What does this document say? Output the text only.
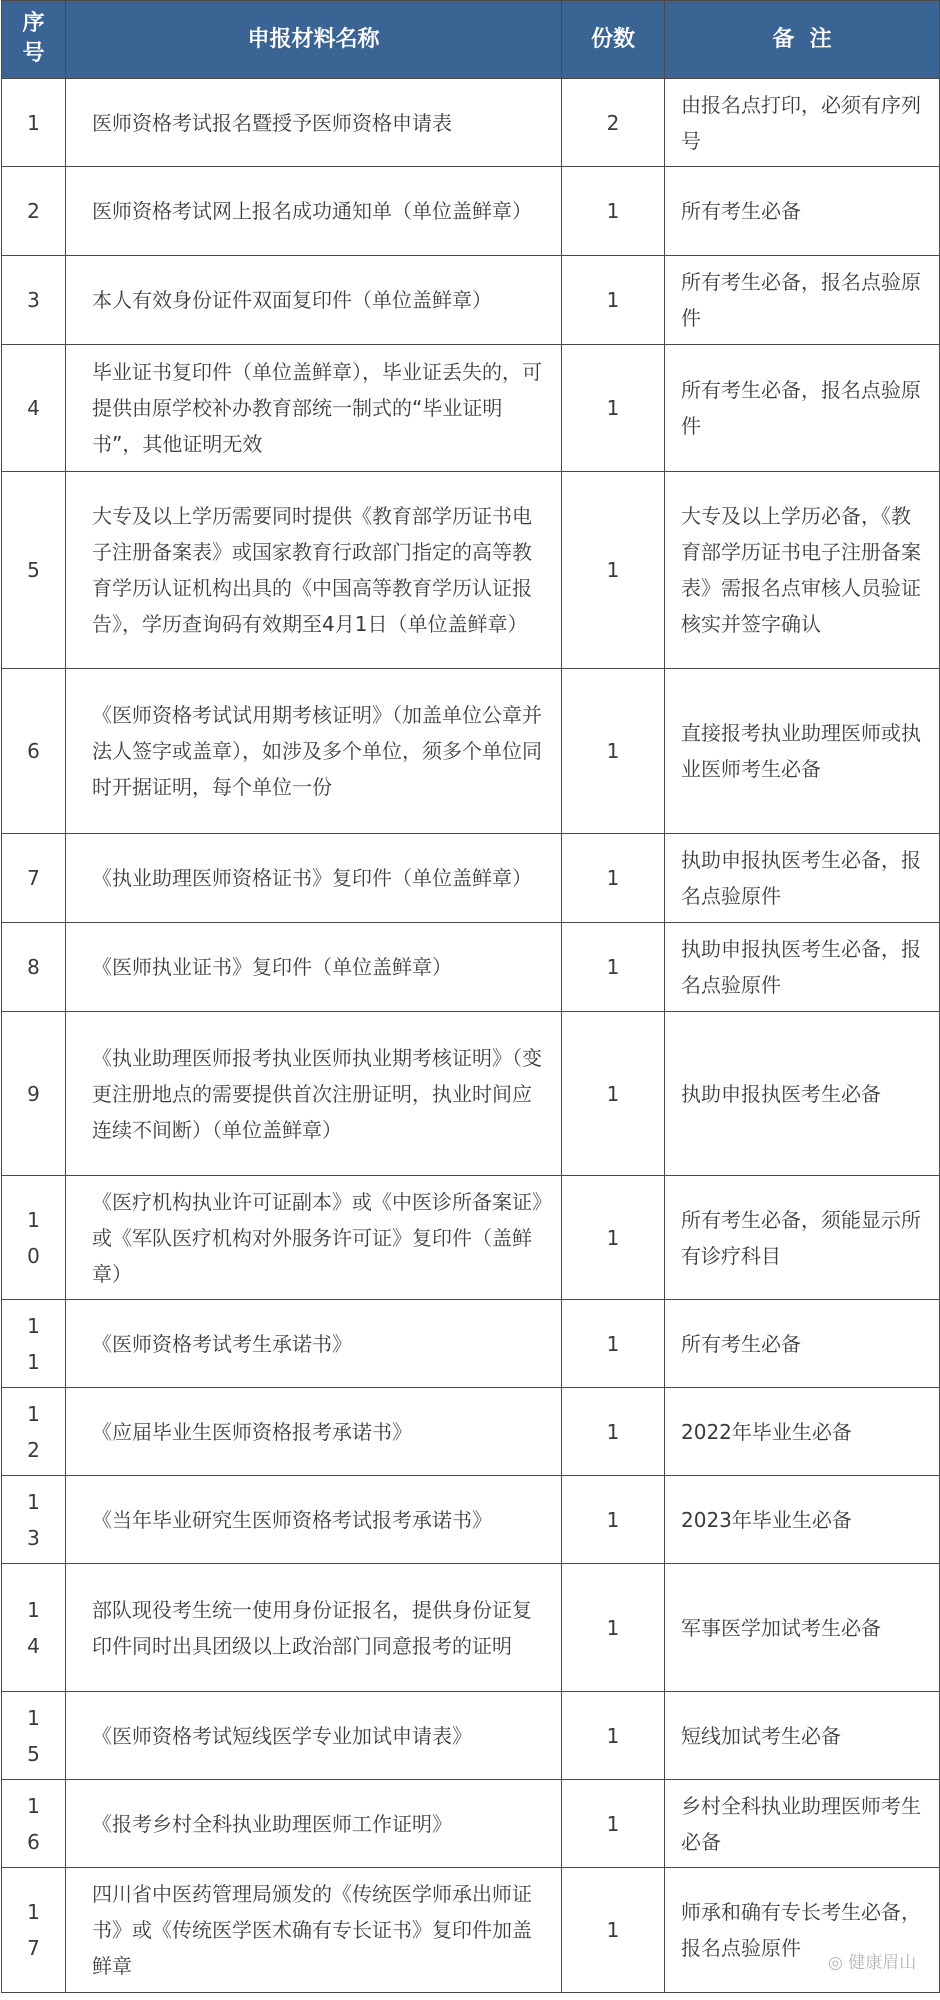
序号	申报材料名称	份数	备  注
1	医师资格考试报名暨授予医师资格申请表	2	由报名点打印，必须有序列号
2	医师资格考试网上报名成功通知单（单位盖鲜章）	1	所有考生必备
3	本人有效身份证件双面复印件（单位盖鲜章）	1	所有考生必备，报名点验原件
4	毕业证书复印件（单位盖鲜章），毕业证丢失的，可提供由原学校补办教育部统一制式的“毕业证明书”，其他证明无效	1	所有考生必备，报名点验原件
5	大专及以上学历需要同时提供《教育部学历证书电子注册备案表》或国家教育行政部门指定的高等教育学历认证机构出具的《中国高等教育学历认证报告》，学历查询码有效期至4月1日（单位盖鲜章）	1	大专及以上学历必备，《教育部学历证书电子注册备案表》需报名点审核人员验证核实并签字确认
6	《医师资格考试试用期考核证明》（加盖单位公章并法人签字或盖章），如涉及多个单位，须多个单位同时开据证明，每个单位一份	1	直接报考执业助理医师或执业医师考生必备
7	《执业助理医师资格证书》复印件（单位盖鲜章）	1	执助申报执医考生必备，报名点验原件
8	《医师执业证书》复印件（单位盖鲜章）	1	执助申报执医考生必备，报名点验原件
9	《执业助理医师报考执业医师执业期考核证明》（变更注册地点的需要提供首次注册证明，执业时间应连续不间断）（单位盖鲜章）	1	执助申报执医考生必备
10	《医疗机构执业许可证副本》或《中医诊所备案证》或《军队医疗机构对外服务许可证》复印件（盖鲜章）	1	所有考生必备，须能显示所有诊疗科目
11	《医师资格考试考生承诺书》	1	所有考生必备
12	《应届毕业生医师资格报考承诺书》	1	2022年毕业生必备
13	《当年毕业研究生医师资格考试报考承诺书》	1	2023年毕业生必备
14	部队现役考生统一使用身份证报名，提供身份证复印件同时出具团级以上政治部门同意报考的证明	1	军事医学加试考生必备
15	《医师资格考试短线医学专业加试申请表》	1	短线加试考生必备
16	《报考乡村全科执业助理医师工作证明》	1	乡村全科执业助理医师考生必备
17	四川省中医药管理局颁发的《传统医学师承出师证书》或《传统医学医术确有专长证书》复印件加盖鲜章	1	师承和确有专长考生必备，报名点验原件
◎ 健康眉山
